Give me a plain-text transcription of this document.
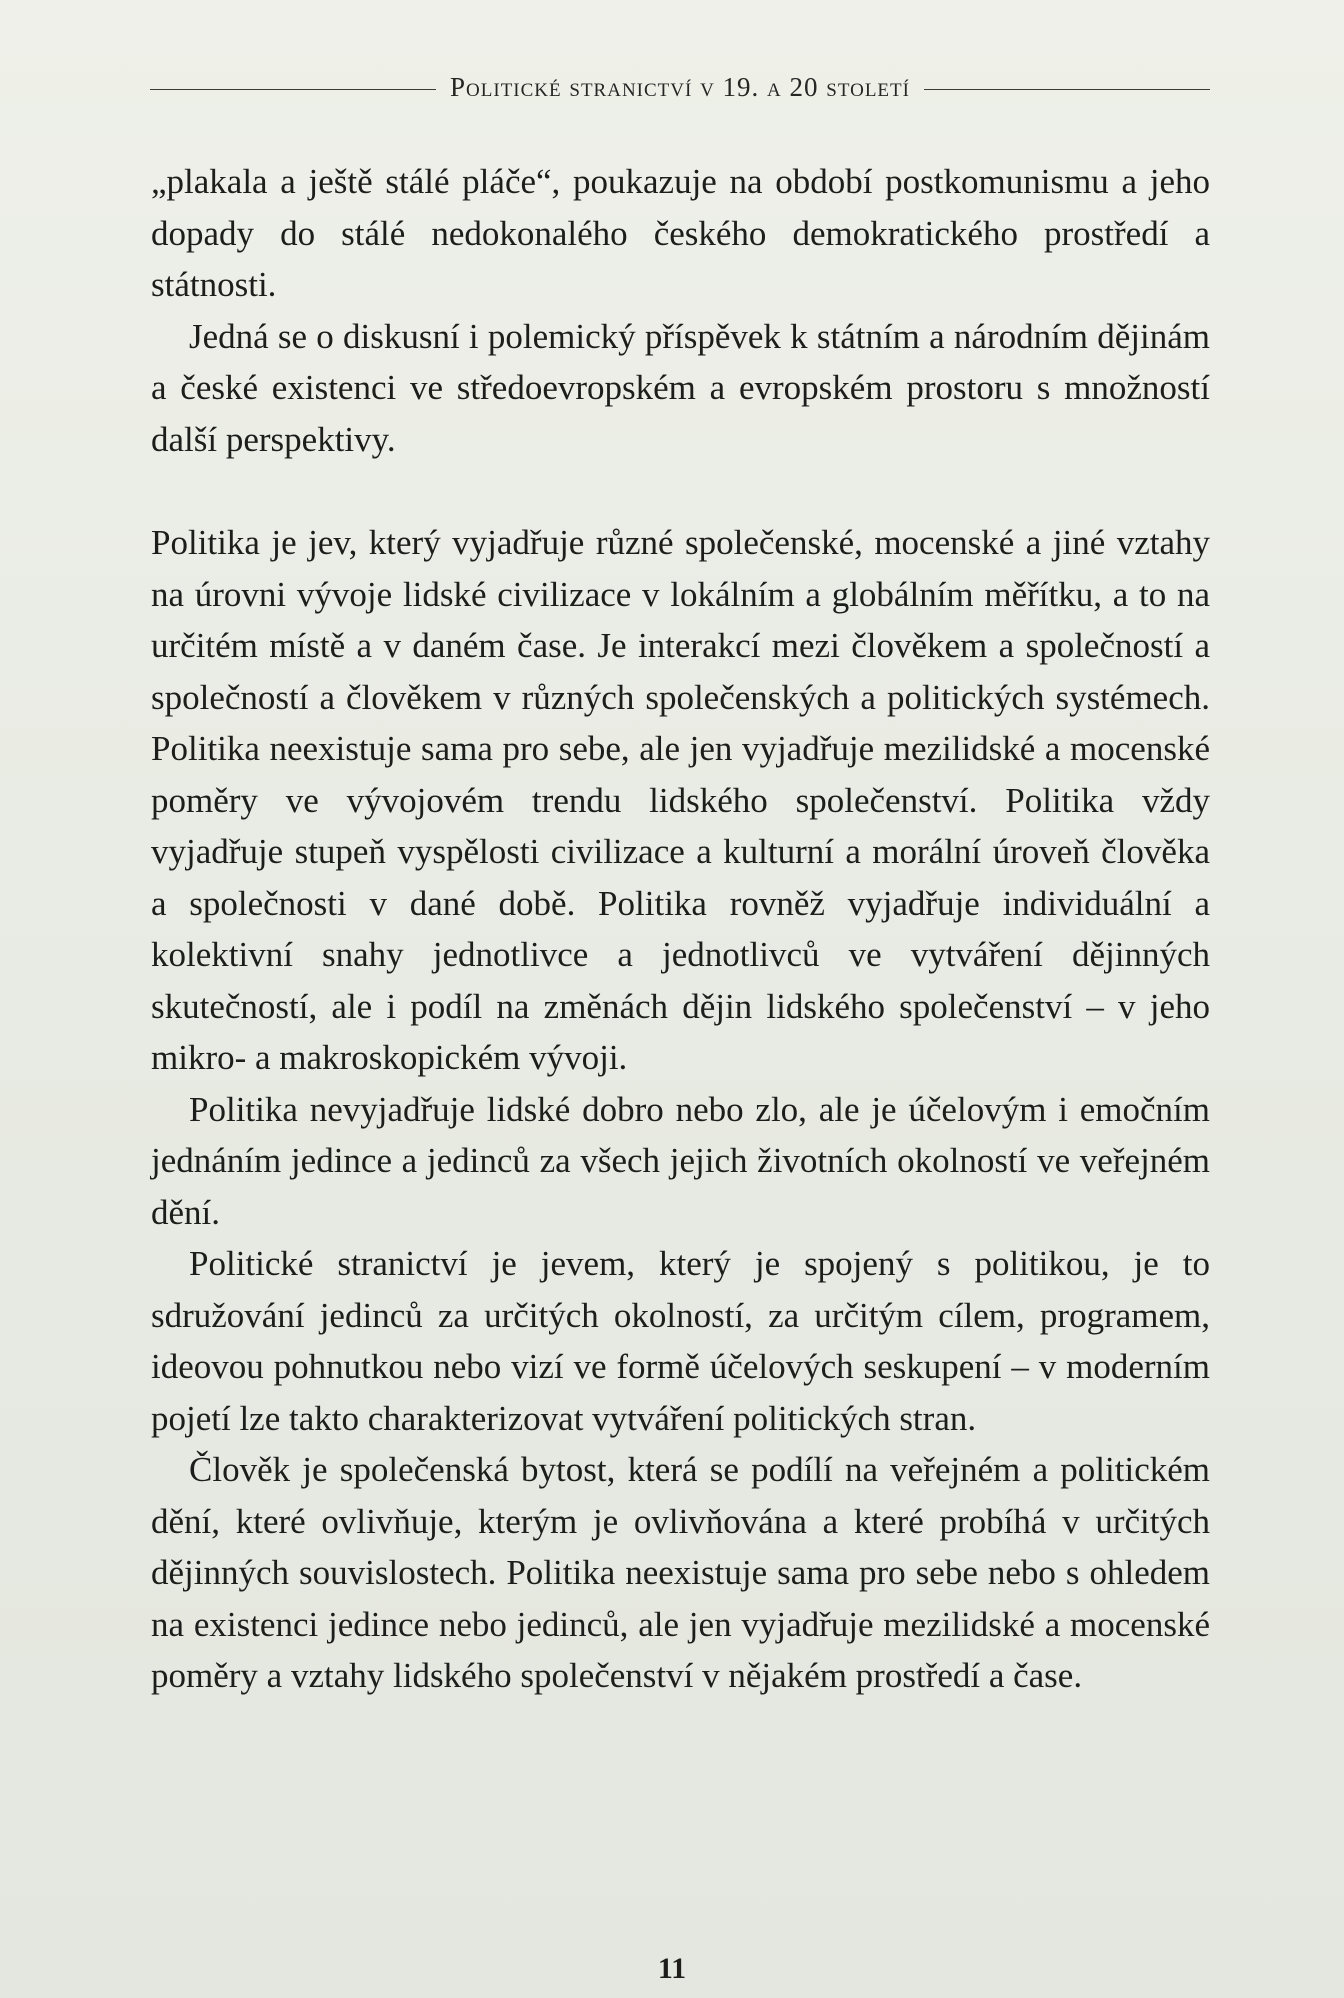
Politické stranictví v 19. a 20 století

„plakala a ještě stálé pláče“, poukazuje na období postkomunismu a jeho dopady do stálé nedokonalého českého demokratického prostředí a státnosti.

Jedná se o diskusní i polemický příspěvek k státním a národním dějinám a české existenci ve středoevropském a evropském prostoru s množností další perspektivy.

Politika je jev, který vyjadřuje různé společenské, mocenské a jiné vztahy na úrovni vývoje lidské civilizace v lokálním a globálním měřítku, a to na určitém místě a v daném čase. Je interakcí mezi člověkem a společností a společností a člověkem v různých společenských a politických systémech. Politika neexistuje sama pro sebe, ale jen vyjadřuje mezilidské a mocenské poměry ve vývojovém trendu lidského společenství. Politika vždy vyjadřuje stupeň vyspělosti civilizace a kulturní a morální úroveň člověka a společnosti v dané době. Politika rovněž vyjadřuje individuální a kolektivní snahy jednotlivce a jednotlivců ve vytváření dějinných skutečností, ale i podíl na změnách dějin lidského společenství – v jeho mikro- a makroskopickém vývoji.

Politika nevyjadřuje lidské dobro nebo zlo, ale je účelovým i emočním jednáním jedince a jedinců za všech jejich životních okolností ve veřejném dění.

Politické stranictví je jevem, který je spojený s politikou, je to sdružování jedinců za určitých okolností, za určitým cílem, programem, ideovou pohnutkou nebo vizí ve formě účelových seskupení – v moderním pojetí lze takto charakterizovat vytváření politických stran.

Člověk je společenská bytost, která se podílí na veřejném a politickém dění, které ovlivňuje, kterým je ovlivňována a které probíhá v určitých dějinných souvislostech. Politika neexistuje sama pro sebe nebo s ohledem na existenci jedince nebo jedinců, ale jen vyjadřuje mezilidské a mocenské poměry a vztahy lidského společenství v nějakém prostředí a čase.

11
